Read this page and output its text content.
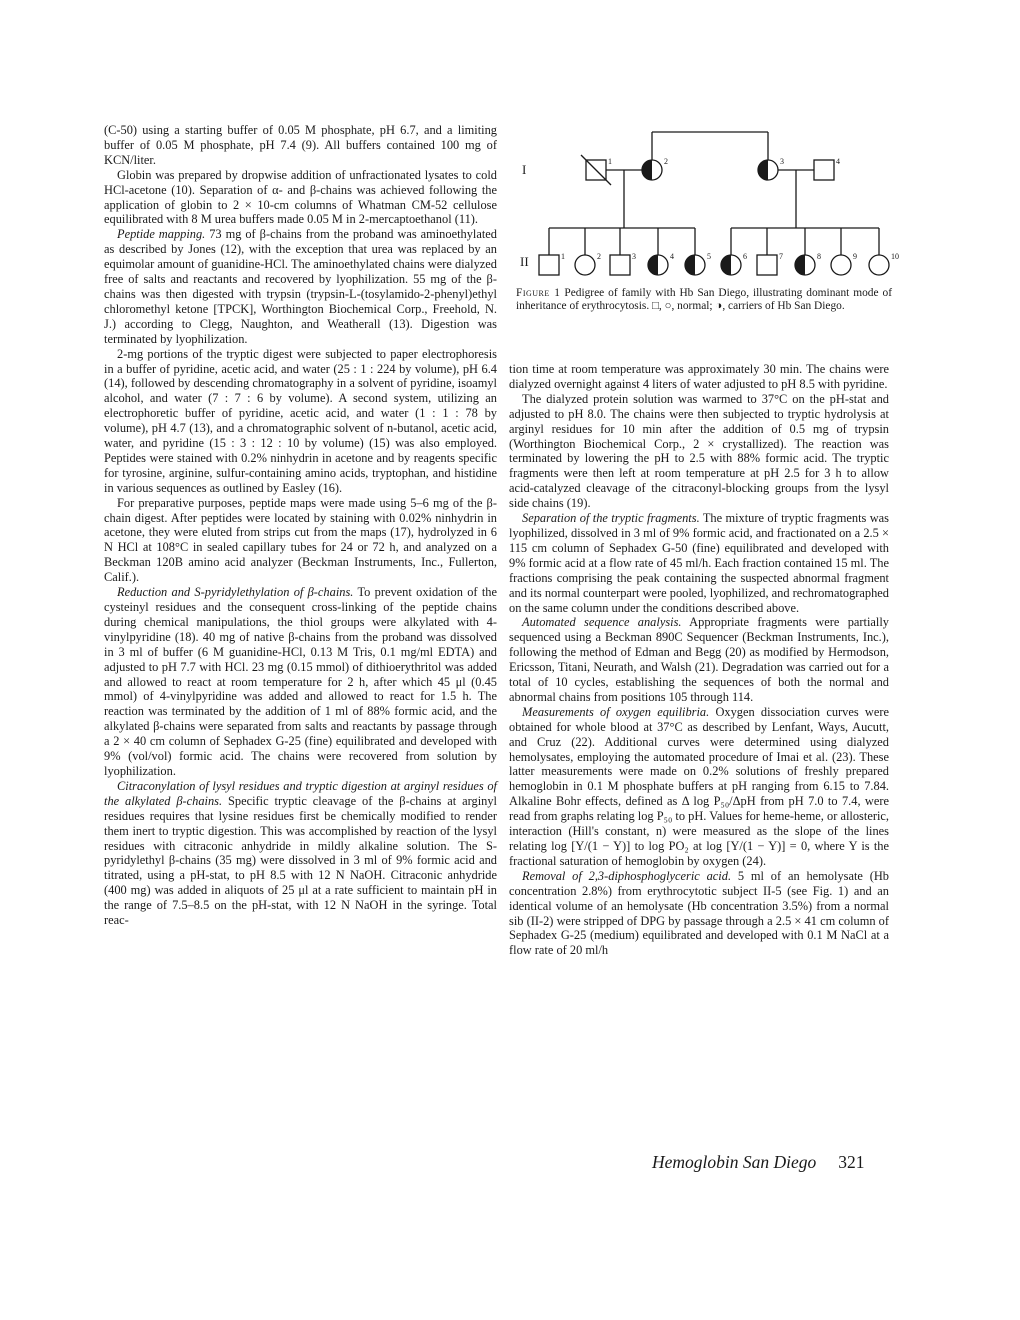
(C-50) using a starting buffer of 0.05 M phosphate, pH 6.7, and a limiting buffer of 0.05 M phosphate, pH 7.4 (9). All buffers contained 100 mg of KCN/liter.

Globin was prepared by dropwise addition of unfractionated lysates to cold HCl-acetone (10). Separation of α- and β-chains was achieved following the application of globin to 2 × 10-cm columns of Whatman CM-52 cellulose equilibrated with 8 M urea buffers made 0.05 M in 2-mercaptoethanol (11).

Peptide mapping. 73 mg of β-chains from the proband was aminoethylated as described by Jones (12), with the exception that urea was replaced by an equimolar amount of guanidine-HCl. The aminoethylated chains were dialyzed free of salts and reactants and recovered by lyophilization. 55 mg of the β-chains was then digested with trypsin (trypsin-L-(tosylamido-2-phenyl)ethyl chloromethyl ketone [TPCK], Worthington Biochemical Corp., Freehold, N. J.) according to Clegg, Naughton, and Weatherall (13). Digestion was terminated by lyophilization.

2-mg portions of the tryptic digest were subjected to paper electrophoresis in a buffer of pyridine, acetic acid, and water (25 : 1 : 224 by volume), pH 6.4 (14), followed by descending chromatography in a solvent of pyridine, isoamyl alcohol, and water (7 : 7 : 6 by volume). A second system, utilizing an electrophoretic buffer of pyridine, acetic acid, and water (1 : 1 : 78 by volume), pH 4.7 (13), and a chromatographic solvent of n-butanol, acetic acid, water, and pyridine (15 : 3 : 12 : 10 by volume) (15) was also employed. Peptides were stained with 0.2% ninhydrin in acetone and by reagents specific for tyrosine, arginine, sulfur-containing amino acids, tryptophan, and histidine in various sequences as outlined by Easley (16).

For preparative purposes, peptide maps were made using 5–6 mg of the β-chain digest. After peptides were located by staining with 0.02% ninhydrin in acetone, they were eluted from strips cut from the maps (17), hydrolyzed in 6 N HCl at 108°C in sealed capillary tubes for 24 or 72 h, and analyzed on a Beckman 120B amino acid analyzer (Beckman Instruments, Inc., Fullerton, Calif.).

Reduction and S-pyridylethylation of β-chains. To prevent oxidation of the cysteinyl residues and the consequent cross-linking of the peptide chains during chemical manipulations, the thiol groups were alkylated with 4-vinylpyridine (18). 40 mg of native β-chains from the proband was dissolved in 3 ml of buffer (6 M guanidine-HCl, 0.13 M Tris, 0.1 mg/ml EDTA) and adjusted to pH 7.7 with HCl. 23 mg (0.15 mmol) of dithioerythritol was added and allowed to react at room temperature for 2 h, after which 45 μl (0.45 mmol) of 4-vinylpyridine was added and allowed to react for 1.5 h. The reaction was terminated by the addition of 1 ml of 88% formic acid, and the alkylated β-chains were separated from salts and reactants by passage through a 2 × 40 cm column of Sephadex G-25 (fine) equilibrated and developed with 9% (vol/vol) formic acid. The chains were recovered from solution by lyophilization.

Citraconylation of lysyl residues and tryptic digestion at arginyl residues of the alkylated β-chains. Specific tryptic cleavage of the β-chains at arginyl residues requires that lysine residues first be chemically modified to render them inert to tryptic digestion. This was accomplished by reaction of the lysyl residues with citraconic anhydride in mildly alkaline solution. The S-pyridylethyl β-chains (35 mg) were dissolved in 3 ml of 9% formic acid and titrated, using a pH-stat, to pH 8.5 with 12 N NaOH. Citraconic anhydride (400 mg) was added in aliquots of 25 μl at a rate sufficient to maintain pH in the range of 7.5–8.5 on the pH-stat, with 12 N NaOH in the syringe. Total reac-

I
II
1	2	3	4
1	2	3	4	5	6	7	8	9	10
Figure 1 Pedigree of family with Hb San Diego, illustrating dominant mode of inheritance of erythrocytosis. □, ○, normal; ◑, carriers of Hb San Diego.

tion time at room temperature was approximately 30 min. The chains were dialyzed overnight against 4 liters of water adjusted to pH 8.5 with pyridine.

The dialyzed protein solution was warmed to 37°C on the pH-stat and adjusted to pH 8.0. The chains were then subjected to tryptic hydrolysis at arginyl residues for 10 min after the addition of 0.5 mg of trypsin (Worthington Biochemical Corp., 2 × crystallized). The reaction was terminated by lowering the pH to 2.5 with 88% formic acid. The tryptic fragments were then left at room temperature at pH 2.5 for 3 h to allow acid-catalyzed cleavage of the citraconyl-blocking groups from the lysyl side chains (19).

Separation of the tryptic fragments. The mixture of tryptic fragments was lyophilized, dissolved in 3 ml of 9% formic acid, and fractionated on a 2.5 × 115 cm column of Sephadex G-50 (fine) equilibrated and developed with 9% formic acid at a flow rate of 45 ml/h. Each fraction contained 15 ml. The fractions comprising the peak containing the suspected abnormal fragment and its normal counterpart were pooled, lyophilized, and rechromatographed on the same column under the conditions described above.

Automated sequence analysis. Appropriate fragments were partially sequenced using a Beckman 890C Sequencer (Beckman Instruments, Inc.), following the method of Edman and Begg (20) as modified by Hermodson, Ericsson, Titani, Neurath, and Walsh (21). Degradation was carried out for a total of 10 cycles, establishing the sequences of both the normal and abnormal chains from positions 105 through 114.

Measurements of oxygen equilibria. Oxygen dissociation curves were obtained for whole blood at 37°C as described by Lenfant, Ways, Aucutt, and Cruz (22). Additional curves were determined using dialyzed hemolysates, employing the automated procedure of Imai et al. (23). These latter measurements were made on 0.2% solutions of freshly prepared hemoglobin in 0.1 M phosphate buffers at pH ranging from 6.15 to 7.84. Alkaline Bohr effects, defined as Δ log P₅₀/ΔpH from pH 7.0 to 7.4, were read from graphs relating log P₅₀ to pH. Values for heme-heme, or allosteric, interaction (Hill's constant, n) were measured as the slope of the lines relating log [Y/(1 − Y)] to log PO₂ at log [Y/(1 − Y)] = 0, where Y is the fractional saturation of hemoglobin by oxygen (24).

Removal of 2,3-diphosphoglyceric acid. 5 ml of an hemolysate (Hb concentration 2.8%) from erythrocytotic subject II-5 (see Fig. 1) and an identical volume of an hemolysate (Hb concentration 3.5%) from a normal sib (II-2) were stripped of DPG by passage through a 2.5 × 41 cm column of Sephadex G-25 (medium) equilibrated and developed with 0.1 M NaCl at a flow rate of 20 ml/h

Hemoglobin San Diego 321
